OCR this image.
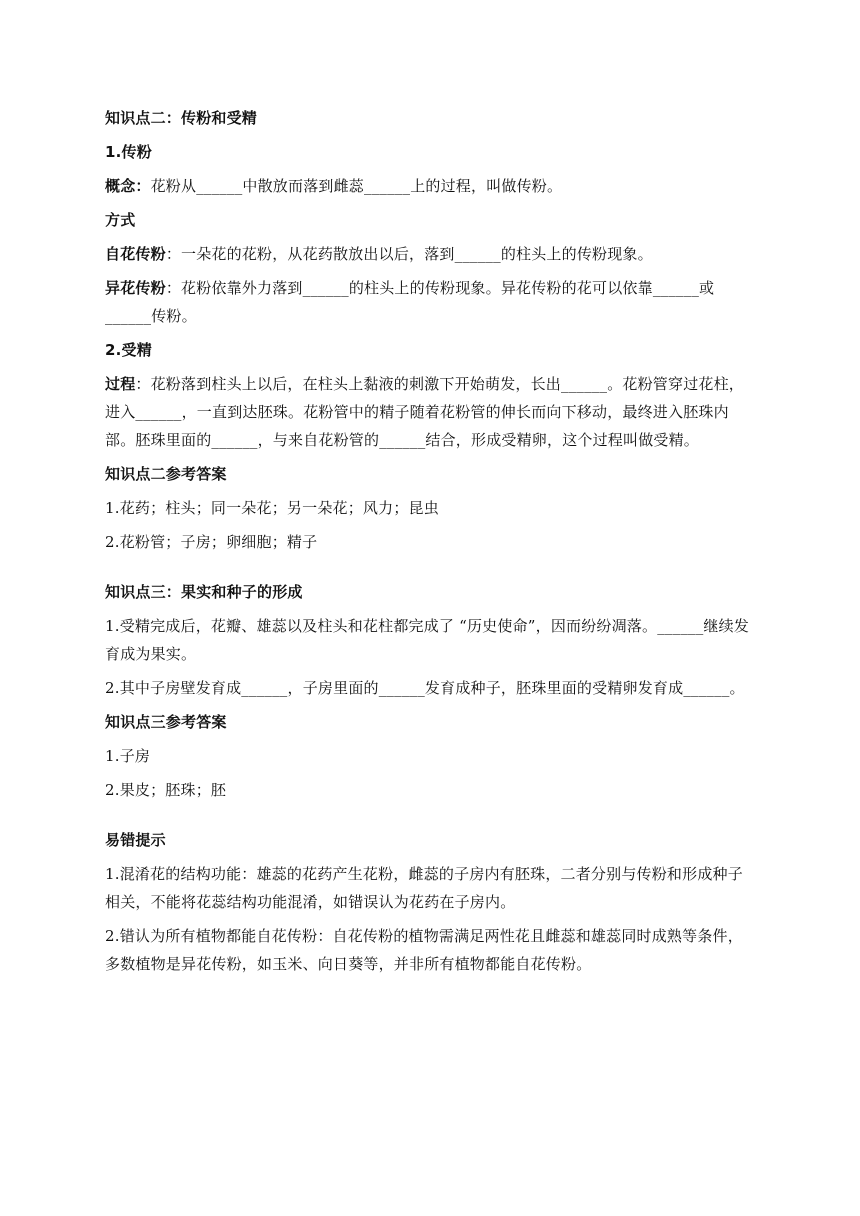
知识点二：传粉和受精

1.传粉

概念：花粉从______中散放而落到雌蕊______上的过程，叫做传粉。

方式

自花传粉：一朵花的花粉，从花药散放出以后，落到______的柱头上的传粉现象。

异花传粉：花粉依靠外力落到______的柱头上的传粉现象。异花传粉的花可以依靠______或______传粉。

2.受精

过程：花粉落到柱头上以后，在柱头上黏液的刺激下开始萌发，长出______。花粉管穿过花柱，进入______，一直到达胚珠。花粉管中的精子随着花粉管的伸长而向下移动，最终进入胚珠内部。胚珠里面的______，与来自花粉管的______结合，形成受精卵，这个过程叫做受精。

知识点二参考答案

1.花药；柱头；同一朵花；另一朵花；风力；昆虫

2.花粉管；子房；卵细胞；精子

知识点三：果实和种子的形成

1.受精完成后，花瓣、雄蕊以及柱头和花柱都完成了 “历史使命”，因而纷纷凋落。______继续发育成为果实。

2.其中子房壁发育成______，子房里面的______发育成种子，胚珠里面的受精卵发育成______。

知识点三参考答案

1.子房

2.果皮；胚珠；胚

易错提示

1.混淆花的结构功能：雄蕊的花药产生花粉，雌蕊的子房内有胚珠，二者分别与传粉和形成种子相关，不能将花蕊结构功能混淆，如错误认为花药在子房内。

2.错认为所有植物都能自花传粉：自花传粉的植物需满足两性花且雌蕊和雄蕊同时成熟等条件，多数植物是异花传粉，如玉米、向日葵等，并非所有植物都能自花传粉。
